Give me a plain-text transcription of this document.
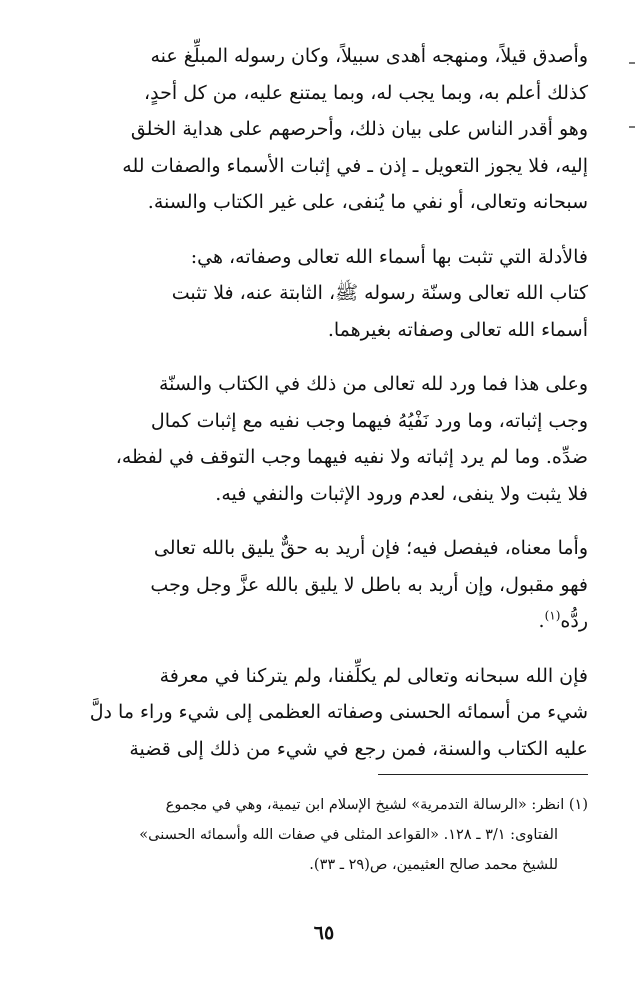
وأصدق قيلاً، ومنهجه أهدى سبيلاً، وكان رسوله المبلِّغ عنه
كذلك أعلم به، وبما يجب له، وبما يمتنع عليه، من كل أحدٍ،
وهو أقدر الناس على بيان ذلك، وأحرصهم على هداية الخلق
إليه، فلا يجوز التعويل ـ إذن ـ في إثبات الأسماء والصفات لله
سبحانه وتعالى، أو نفي ما يُنفى، على غير الكتاب والسنة.
فالأدلة التي تثبت بها أسماء الله تعالى وصفاته، هي:
كتاب الله تعالى وسنّة رسوله ﷺ، الثابتة عنه، فلا تثبت
أسماء الله تعالى وصفاته بغيرهما.
وعلى هذا فما ورد لله تعالى من ذلك في الكتاب والسنّة
وجب إثباته، وما ورد نَفْيُهُ فيهما وجب نفيه مع إثبات كمال
ضدِّه. وما لم يرد إثباته ولا نفيه فيهما وجب التوقف في لفظه،
فلا يثبت ولا ينفى، لعدم ورود الإثبات والنفي فيه.
وأما معناه، فيفصل فيه؛ فإن أريد به حقٌّ يليق بالله تعالى
فهو مقبول، وإن أريد به باطل لا يليق بالله عزَّ وجل وجب
ردُّه$^{(١)}$.
فإن الله سبحانه وتعالى لم يكلِّفنا، ولم يتركنا في معرفة
شيء من أسمائه الحسنى وصفاته العظمى إلى شيء وراء ما دلَّ
عليه الكتاب والسنة، فمن رجع في شيء من ذلك إلى قضية
(١) انظر: «الرسالة التدمرية» لشيخ الإسلام ابن تيمية، وهي في مجموع
الفتاوى: ٣/١ ـ ١٢٨. «القواعد المثلى في صفات الله وأسمائه الحسنى»
للشيخ محمد صالح العثيمين، ص(٢٩ ـ ٣٣).
٦٥
